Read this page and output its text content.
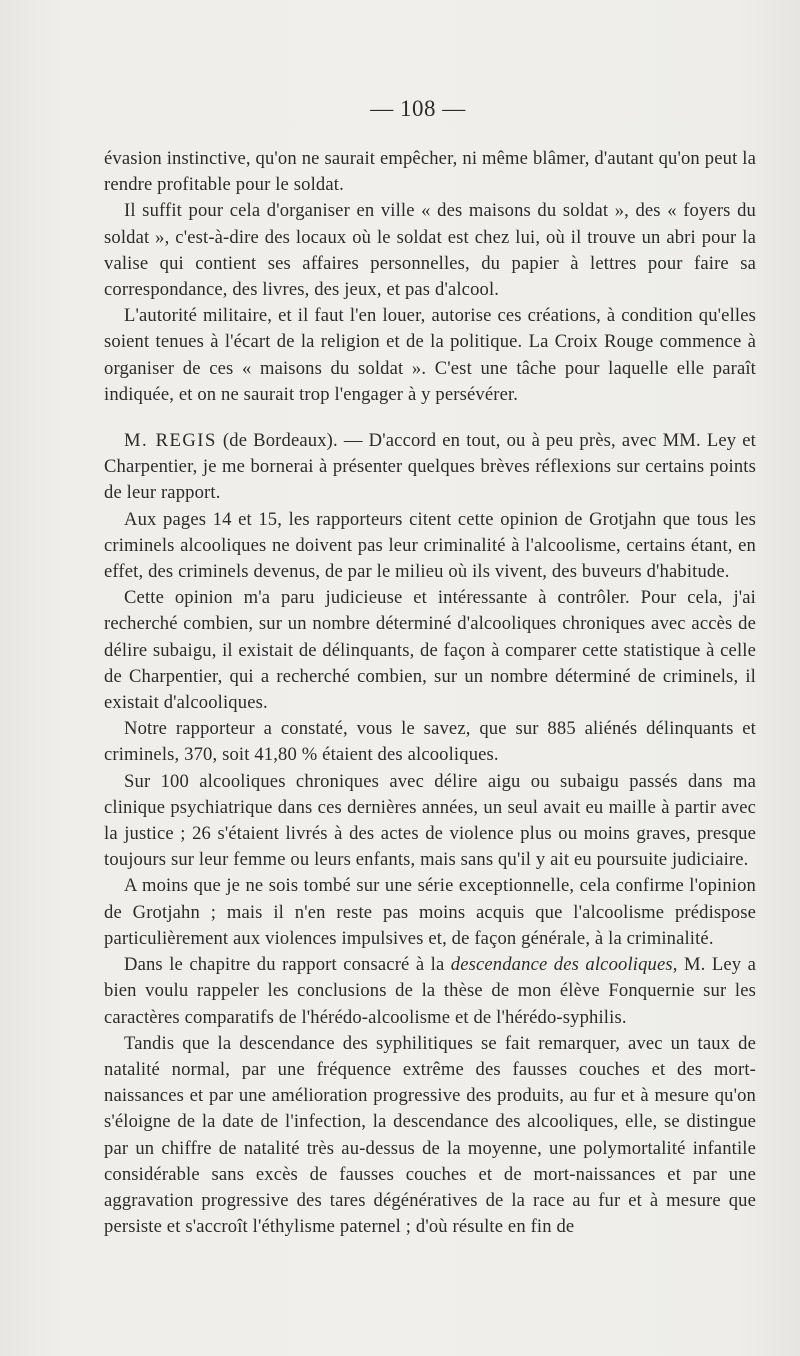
— 108 —

évasion instinctive, qu'on ne saurait empêcher, ni même blâmer, d'autant qu'on peut la rendre profitable pour le soldat.

Il suffit pour cela d'organiser en ville « des maisons du soldat », des « foyers du soldat », c'est-à-dire des locaux où le soldat est chez lui, où il trouve un abri pour la valise qui contient ses affaires personnelles, du papier à lettres pour faire sa correspondance, des livres, des jeux, et pas d'alcool.

L'autorité militaire, et il faut l'en louer, autorise ces créations, à condition qu'elles soient tenues à l'écart de la religion et de la politique. La Croix Rouge commence à organiser de ces « maisons du soldat ». C'est une tâche pour laquelle elle paraît indiquée, et on ne saurait trop l'engager à y persévérer.

M. REGIS (de Bordeaux). — D'accord en tout, ou à peu près, avec MM. Ley et Charpentier, je me bornerai à présenter quelques brèves réflexions sur certains points de leur rapport.

Aux pages 14 et 15, les rapporteurs citent cette opinion de Grotjahn que tous les criminels alcooliques ne doivent pas leur criminalité à l'alcoolisme, certains étant, en effet, des criminels devenus, de par le milieu où ils vivent, des buveurs d'habitude.

Cette opinion m'a paru judicieuse et intéressante à contrôler. Pour cela, j'ai recherché combien, sur un nombre déterminé d'alcooliques chroniques avec accès de délire subaigu, il existait de délinquants, de façon à comparer cette statistique à celle de Charpentier, qui a recherché combien, sur un nombre déterminé de criminels, il existait d'alcooliques.

Notre rapporteur a constaté, vous le savez, que sur 885 aliénés délinquants et criminels, 370, soit 41,80 % étaient des alcooliques.

Sur 100 alcooliques chroniques avec délire aigu ou subaigu passés dans ma clinique psychiatrique dans ces dernières années, un seul avait eu maille à partir avec la justice ; 26 s'étaient livrés à des actes de violence plus ou moins graves, presque toujours sur leur femme ou leurs enfants, mais sans qu'il y ait eu poursuite judiciaire.

A moins que je ne sois tombé sur une série exceptionnelle, cela confirme l'opinion de Grotjahn ; mais il n'en reste pas moins acquis que l'alcoolisme prédispose particulièrement aux violences impulsives et, de façon générale, à la criminalité.

Dans le chapitre du rapport consacré à la descendance des alcooliques, M. Ley a bien voulu rappeler les conclusions de la thèse de mon élève Fonquernie sur les caractères comparatifs de l'hérédo-alcoolisme et de l'hérédo-syphilis.

Tandis que la descendance des syphilitiques se fait remarquer, avec un taux de natalité normal, par une fréquence extrême des fausses couches et des mort-naissances et par une amélioration progressive des produits, au fur et à mesure qu'on s'éloigne de la date de l'infection, la descendance des alcooliques, elle, se distingue par un chiffre de natalité très au-dessus de la moyenne, une polymortalité infantile considérable sans excès de fausses couches et de mort-naissances et par une aggravation progressive des tares dégénératives de la race au fur et à mesure que persiste et s'accroît l'éthylisme paternel ; d'où résulte en fin de
